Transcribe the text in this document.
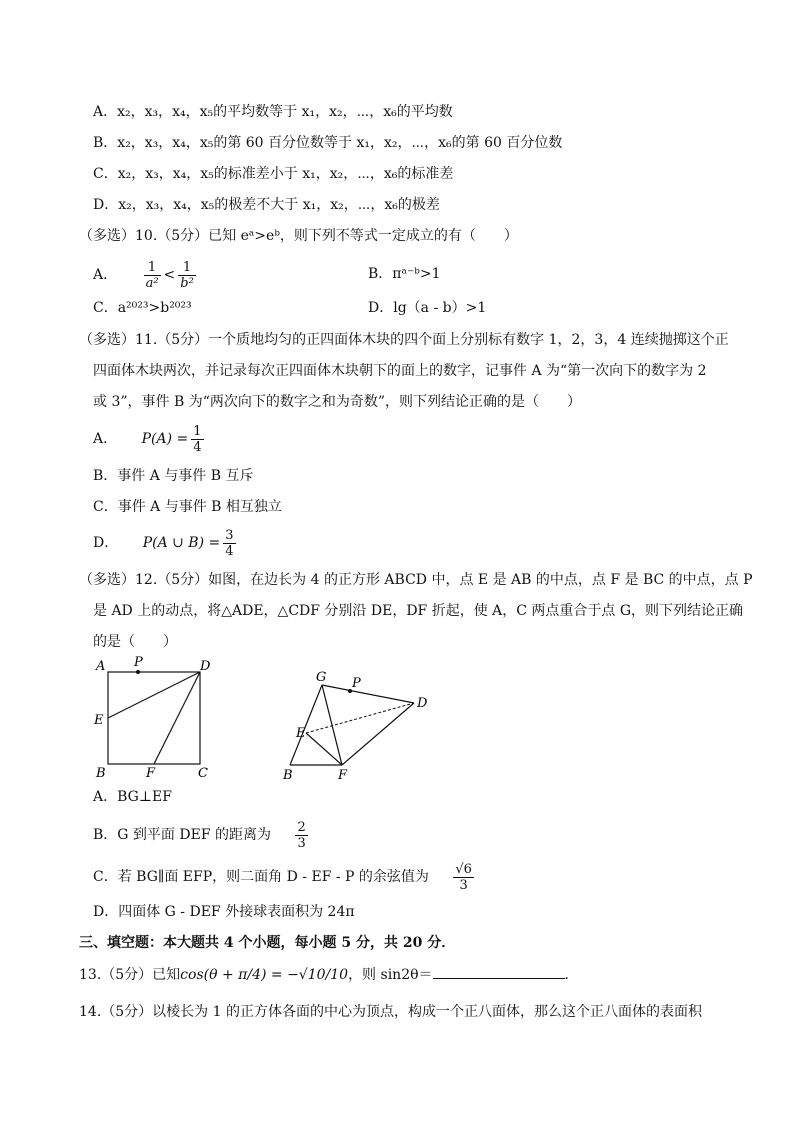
A．x₂，x₃，x₄，x₅的平均数等于 x₁，x₂，⋯，x₆的平均数
B．x₂，x₃，x₄，x₅的第 60 百分位数等于 x₁，x₂，⋯，x₆的第 60 百分位数
C．x₂，x₃，x₄，x₅的标准差小于 x₁，x₂，⋯，x₆的标准差
D．x₂，x₃，x₄，x₅的极差不大于 x₁，x₂，⋯，x₆的极差
（多选）10.（5分）已知 eᵃ>eᵇ，则下列不等式一定成立的有（　　）
A． $\frac{1}{\text{a²}} < \frac{1}{\text{b²}}$	B．πᵃ⁻ᵇ>1
C．a²⁰²³>b²⁰²³	D．lg（a - b）>1
（多选）11.（5分）一个质地均匀的正四面体木块的四个面上分别标有数字 1，2，3，4 连续抛掷这个正
四面体木块两次，并记录每次正四面体木块朝下的面上的数字，记事件 A 为“第一次向下的数字为 2
或 3”，事件 B 为“两次向下的数字之和为奇数”，则下列结论正确的是（　　）
A． $P(A) = \frac{1}{4}$
B．事件 A 与事件 B 互斥
C．事件 A 与事件 B 相互独立
D． P(A ∪ $B) = \frac{3}{4}$
（多选）12.（5分）如图，在边长为 4 的正方形 ABCD 中，点 E 是 AB 的中点，点 F 是 BC 的中点，点 P
是 AD 上的动点，将△ADE，△CDF 分别沿 DE，DF 折起，使 A，C 两点重合于点 G，则下列结论正确
的是（　　）
A P	D
E
B	F	C
G P
D
E
B	F
A．BG⊥EF
B．G 到平面 DEF 的距离为 $\frac{2}{3}$
C．若 BG∥面 EFP，则二面角 D - EF - P 的余弦值为 $\frac{√6}{3}$
D．四面体 G - DEF 外接球表面积为 24π
三、填空题：本大题共 4 个小题，每小题 5 分，共 20 分．
13.（5分）已知cos(θ + π/4) = −√10/10，则 sin2θ＝	．
14.（5分）以棱长为 1 的正方体各面的中心为顶点，构成一个正八面体，那么这个正八面体的表面积
